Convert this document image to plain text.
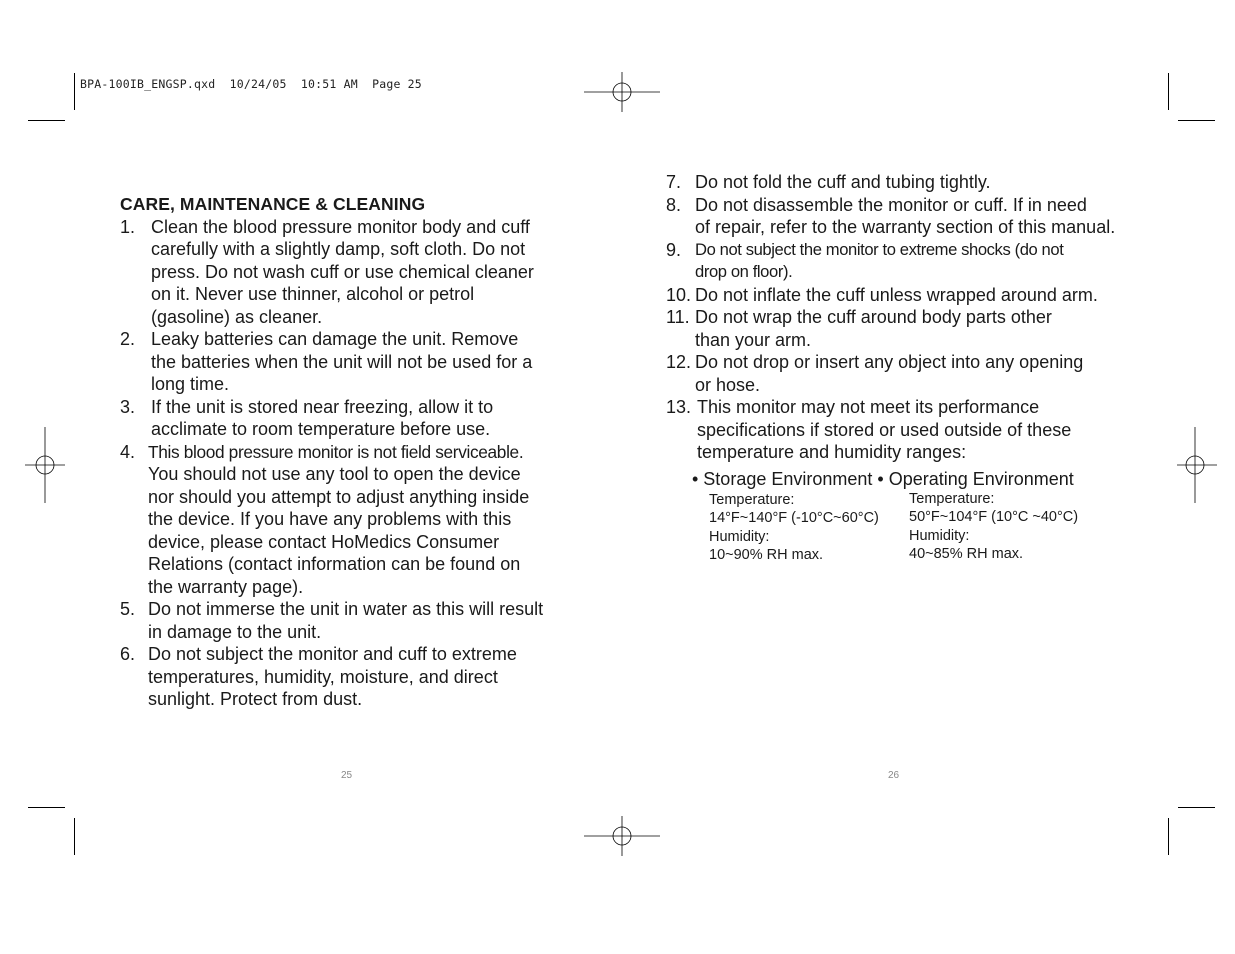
BPA-100IB_ENGSP.qxd  10/24/05  10:51 AM  Page 25
CARE, MAINTENANCE & CLEANING
1. Clean the blood pressure monitor body and cuff
carefully with a slightly damp, soft cloth. Do not
press. Do not wash cuff or use chemical cleaner
on it. Never use thinner, alcohol or petrol
(gasoline) as cleaner.
2. Leaky batteries can damage the unit. Remove
the batteries when the unit will not be used for a
long time.
3. If the unit is stored near freezing, allow it to
acclimate to room temperature before use.
4. This blood pressure monitor is not field serviceable.
You should not use any tool to open the device
nor should you attempt to adjust anything inside
the device. If you have any problems with this
device, please contact HoMedics Consumer
Relations (contact information can be found on
the warranty page).
5. Do not immerse the unit in water as this will result
in damage to the unit.
6. Do not subject the monitor and cuff to extreme
temperatures, humidity, moisture, and direct
sunlight. Protect from dust.
7. Do not fold the cuff and tubing tightly.
8. Do not disassemble the monitor or cuff. If in need
of repair, refer to the warranty section of this manual.
9. Do not subject the monitor to extreme shocks (do not
drop on floor).
10. Do not inflate the cuff unless wrapped around arm.
11. Do not wrap the cuff around body parts other
than your arm.
12. Do not drop or insert any object into any opening
or hose.
13. This monitor may not meet its performance
specifications if stored or used outside of these
temperature and humidity ranges:
• Storage Environment • Operating Environment
Temperature:
14°F~140°F (-10°C~60°C)
Humidity:
10~90% RH max.
Temperature:
50°F~104°F (10°C ~40°C)
Humidity:
40~85% RH max.
25	26
